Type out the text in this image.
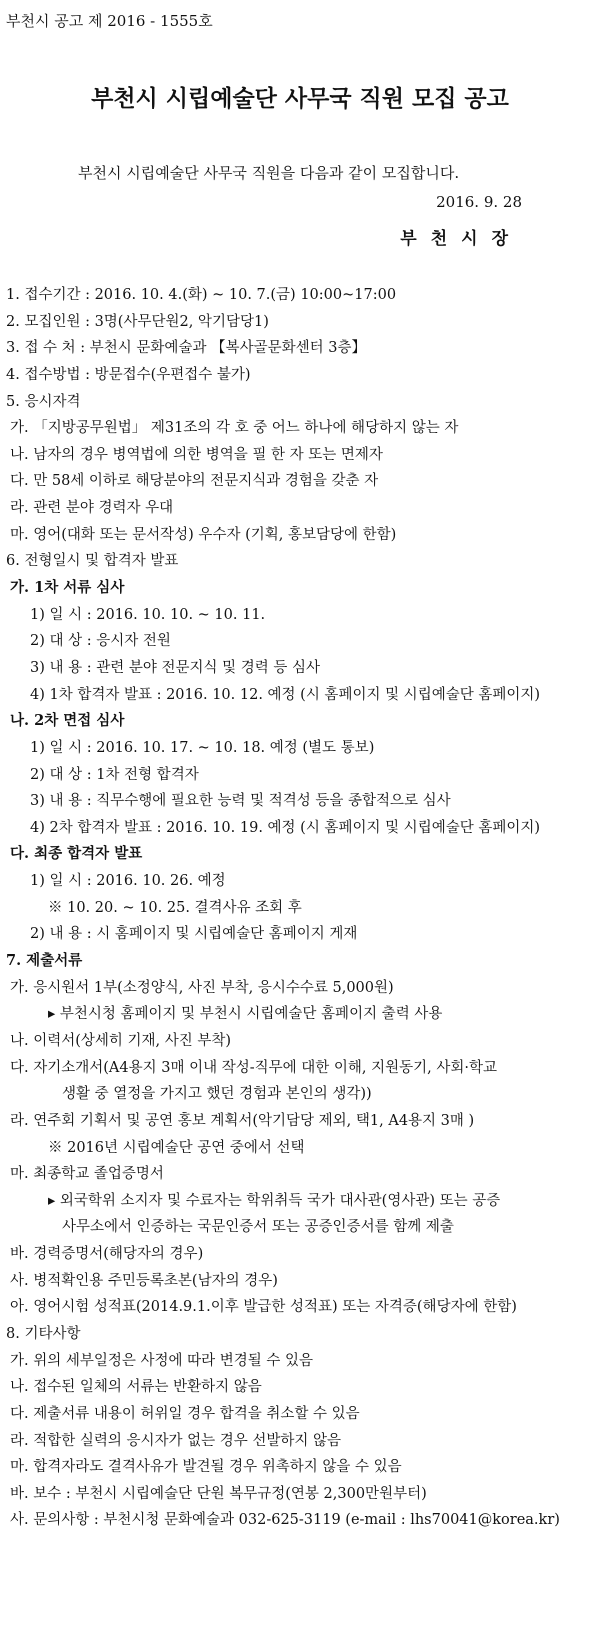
부천시 공고 제 2016 - 1555호
부천시 시립예술단 사무국 직원 모집 공고
부천시 시립예술단 사무국 직원을 다음과 같이 모집합니다.
2016. 9. 28
부천시장
1. 접수기간 : 2016. 10. 4.(화) ~ 10. 7.(금) 10:00~17:00
2. 모집인원 : 3명(사무단원2, 악기담당1)
3. 접 수 처 : 부천시 문화예술과 【복사골문화센터 3층】
4. 접수방법 : 방문접수(우편접수 불가)
5. 응시자격
가. 「지방공무원법」 제31조의 각 호 중 어느 하나에 해당하지 않는 자
나. 남자의 경우 병역법에 의한 병역을 필 한 자 또는 면제자
다. 만 58세 이하로 해당분야의 전문지식과 경험을 갖춘 자
라. 관련 분야 경력자 우대
마. 영어(대화 또는 문서작성) 우수자 (기획, 홍보담당에 한함)
6. 전형일시 및 합격자 발표
가. 1차 서류 심사
1) 일 시 : 2016. 10. 10. ~ 10. 11.
2) 대 상 : 응시자 전원
3) 내 용 : 관련 분야 전문지식 및 경력 등 심사
4) 1차 합격자 발표 : 2016. 10. 12. 예정 (시 홈페이지 및 시립예술단 홈페이지)
나. 2차 면접 심사
1) 일 시 : 2016. 10. 17. ~ 10. 18. 예정 (별도 통보)
2) 대 상 : 1차 전형 합격자
3) 내 용 : 직무수행에 필요한 능력 및 적격성 등을 종합적으로 심사
4) 2차 합격자 발표 : 2016. 10. 19. 예정 (시 홈페이지 및 시립예술단 홈페이지)
다. 최종 합격자 발표
1) 일 시 : 2016. 10. 26. 예정
※ 10. 20. ~ 10. 25. 결격사유 조회 후
2) 내 용 : 시 홈페이지 및 시립예술단 홈페이지 게재
7. 제출서류
가. 응시원서 1부(소정양식, 사진 부착, 응시수수료 5,000원)
▸ 부천시청 홈페이지 및 부천시 시립예술단 홈페이지 출력 사용
나. 이력서(상세히 기재, 사진 부착)
다. 자기소개서(A4용지 3매 이내 작성-직무에 대한 이해, 지원동기, 사회·학교
생활 중 열정을 가지고 했던 경험과 본인의 생각))
라. 연주회 기획서 및 공연 홍보 계획서(악기담당 제외, 택1, A4용지 3매 )
※ 2016년 시립예술단 공연 중에서 선택
마. 최종학교 졸업증명서
▸ 외국학위 소지자 및 수료자는 학위취득 국가 대사관(영사관) 또는 공증
사무소에서 인증하는 국문인증서 또는 공증인증서를 함께 제출
바. 경력증명서(해당자의 경우)
사. 병적확인용 주민등록초본(남자의 경우)
아. 영어시험 성적표(2014.9.1.이후 발급한 성적표) 또는 자격증(해당자에 한함)
8. 기타사항
가. 위의 세부일정은 사정에 따라 변경될 수 있음
나. 접수된 일체의 서류는 반환하지 않음
다. 제출서류 내용이 허위일 경우 합격을 취소할 수 있음
라. 적합한 실력의 응시자가 없는 경우 선발하지 않음
마. 합격자라도 결격사유가 발견될 경우 위촉하지 않을 수 있음
바. 보수 : 부천시 시립예술단 단원 복무규정(연봉 2,300만원부터)
사. 문의사항 : 부천시청 문화예술과 032-625-3119 (e-mail : lhs70041@korea.kr)
